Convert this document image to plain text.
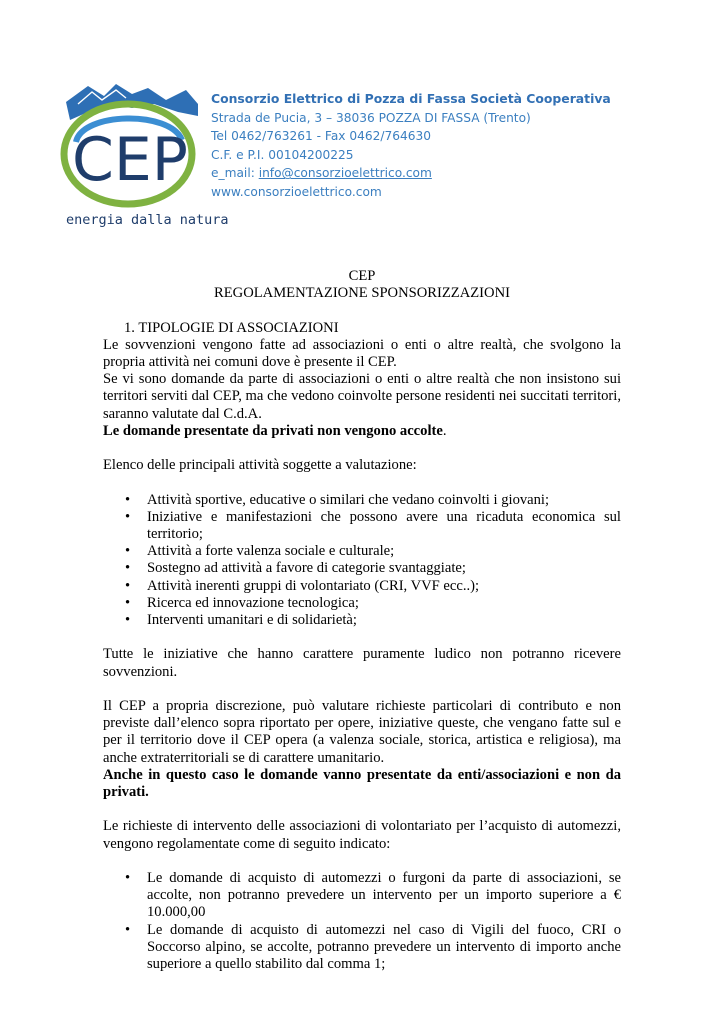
CEP
energia dalla natura
Consorzio Elettrico di Pozza di Fassa Società Cooperativa
Strada de Pucia, 3 – 38036 POZZA DI FASSA (Trento)
Tel 0462/763261 - Fax 0462/764630
C.F. e P.I. 00104200225
e_mail: info@consorzioelettrico.com
www.consorzioelettrico.com

CEP

REGOLAMENTAZIONE SPONSORIZZAZIONI

1. TIPOLOGIE DI ASSOCIAZIONI

Le sovvenzioni vengono fatte ad associazioni o enti o altre realtà, che svolgono la propria attività nei comuni dove è presente il CEP.

Se vi sono domande da parte di associazioni o enti o altre realtà che non insistono sui territori serviti dal CEP, ma che vedono coinvolte persone residenti nei succitati territori, saranno valutate dal C.d.A.

Le domande presentate da privati non vengono accolte.

Elenco delle principali attività soggette a valutazione:

• Attività sportive, educative o similari che vedano coinvolti i giovani;
• Iniziative e manifestazioni che possono avere una ricaduta economica sul territorio;
• Attività a forte valenza sociale e culturale;
• Sostegno ad attività a favore di categorie svantaggiate;
• Attività inerenti gruppi di volontariato (CRI, VVF ecc..);
• Ricerca ed innovazione tecnologica;
• Interventi umanitari e di solidarietà;

Tutte le iniziative che hanno carattere puramente ludico non potranno ricevere sovvenzioni.

Il CEP a propria discrezione, può valutare richieste particolari di contributo e non previste dall’elenco sopra riportato per opere, iniziative queste, che vengano fatte sul e per il territorio dove il CEP opera (a valenza sociale, storica, artistica e religiosa), ma anche extraterritoriali se di carattere umanitario.

Anche in questo caso le domande vanno presentate da enti/associazioni e non da privati.

Le richieste di intervento delle associazioni di volontariato per l’acquisto di automezzi, vengono regolamentate come di seguito indicato:

• Le domande di acquisto di automezzi o furgoni da parte di associazioni, se accolte, non potranno prevedere un intervento per un importo superiore a € 10.000,00
• Le domande di acquisto di automezzi nel caso di Vigili del fuoco, CRI o Soccorso alpino, se accolte, potranno prevedere un intervento di importo anche superiore a quello stabilito dal comma 1;
